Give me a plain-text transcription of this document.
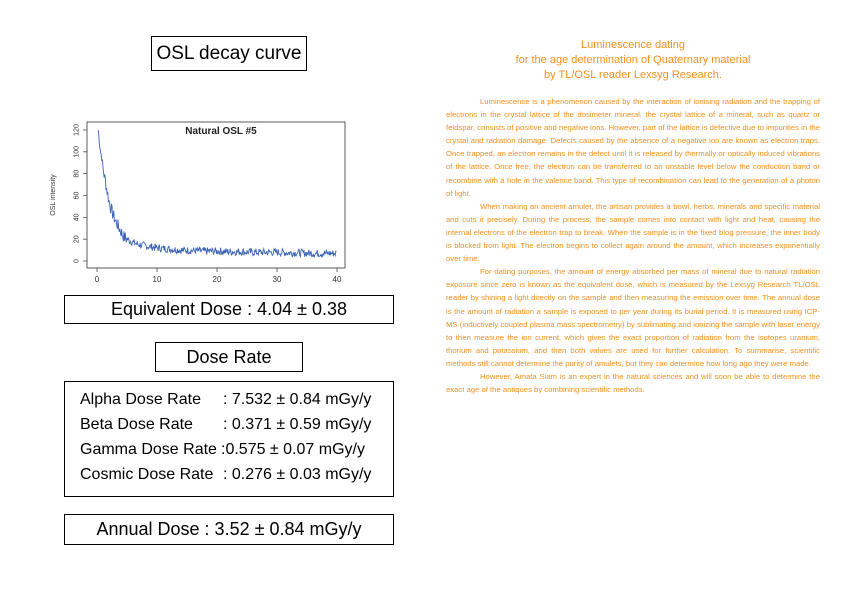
OSL decay curve
Natural OSL #5
OSL intensity
0	10	20	30	40
0
20
40
60
80
100
120
Equivalent Dose : 4.04 ± 0.38
Dose Rate
Alpha Dose Rate : 7.532 ± 0.84 mGy/y
Beta Dose Rate : 0.371 ± 0.59 mGy/y
Gamma Dose Rate :0.575 ± 0.07 mGy/y
Cosmic Dose Rate : 0.276 ± 0.03 mGy/y
Annual Dose : 3.52 ± 0.84 mGy/y
Luminescence dating
for the age determination of Quaternary material
by TL/OSL reader Lexsyg Research.

Luminescence is a phenomenon caused by the interaction of ionising radiation and the trapping of electrons in the crystal lattice of the dosimeter mineral. the crystal lattice of a mineral, such as quartz or feldspar, consists of positive and negative ions. However, part of the lattice is defective due to impurities in the crystal and radiation damage. Defects caused by the absence of a negative ion are known as electron traps. Once trapped, an electron remains in the defect until it is released by thermally or optically induced vibrations of the lattice. Once free, the electron can be transferred to an unstable level below the conduction band or recombine with a hole in the valence band. This type of recombination can lead to the generation of a photon of light.

When making an ancient amulet, the artisan provides a bowl, herbs, minerals and specific material and cuts it precisely. During the process, the sample comes into contact with light and heat, causing the internal electrons of the electron trap to break. When the sample is in the fixed blog pressure, the inner body is blocked from light. The electron begins to collect again around the amount, which increases exponentially over time.

For dating purposes, the amount of energy absorbed per mass of mineral due to natural radiation exposure since zero is known as the equivalent dose, which is measured by the Lexsyg Research TL/OSL reader by shining a light directly on the sample and then measuring the emission over time. The annual dose is the amount of radiation a sample is exposed to per year during its burial period. It is measured using ICP-MS (inductively coupled plasma mass spectrometry) by sublimating and ionizing the sample with laser energy to then measure the ion current, which gives the exact proportion of radiation from the isotopes uranium, thorium and potassium, and then both values are used for further calculation. To summarise, scientific methods still cannot determine the purity of amulets, but they can determine how long ago they were made.

However, Amata Siam is an expert in the natural sciences and will soon be able to determine the exact age of the antiques by combining scientific methods.
